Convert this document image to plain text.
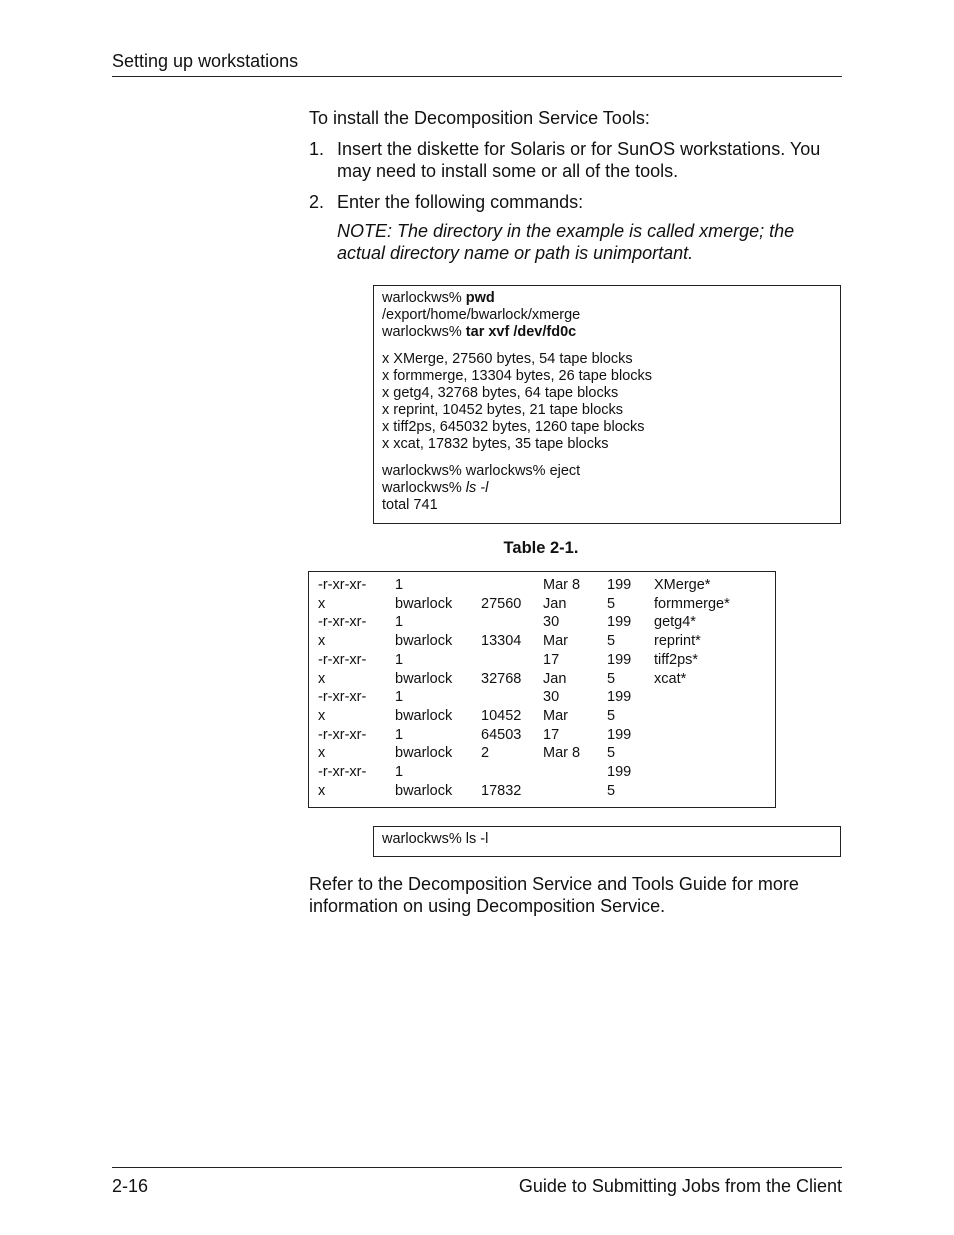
Setting up workstations
To install the Decomposition Service Tools:
1. Insert the diskette for Solaris or for SunOS workstations. You
may need to install some or all of the tools.
2. Enter the following commands:
NOTE: The directory in the example is called xmerge; the
actual directory name or path is unimportant.
warlockws% pwd
/export/home/bwarlock/xmerge
warlockws% tar xvf /dev/fd0c
x XMerge, 27560 bytes, 54 tape blocks
x formmerge, 13304 bytes, 26 tape blocks
x getg4, 32768 bytes, 64 tape blocks
x reprint, 10452 bytes, 21 tape blocks
x tiff2ps, 645032 bytes, 1260 tape blocks
x xcat, 17832 bytes, 35 tape blocks
warlockws% warlockws% eject
warlockws% ls -l
total 741
Table 2-1.
-r-xr-xr-
x
-r-xr-xr-
x
-r-xr-xr-
x
-r-xr-xr-
x
-r-xr-xr-
x
-r-xr-xr-
x
1
bwarlock
1
bwarlock
1
bwarlock
1
bwarlock
1
bwarlock
1
bwarlock

27560

13304

32768

10452
64503
2

17832
Mar 8
Jan
30
Mar
17
Jan
30
Mar
17
Mar 8
199
5
199
5
199
5
199
5
199
5
199
5
XMerge*
formmerge*
getg4*
reprint*
tiff2ps*
xcat*
warlockws% ls -l
Refer to the Decomposition Service and Tools Guide for more
information on using Decomposition Service.
2-16	Guide to Submitting Jobs from the Client
